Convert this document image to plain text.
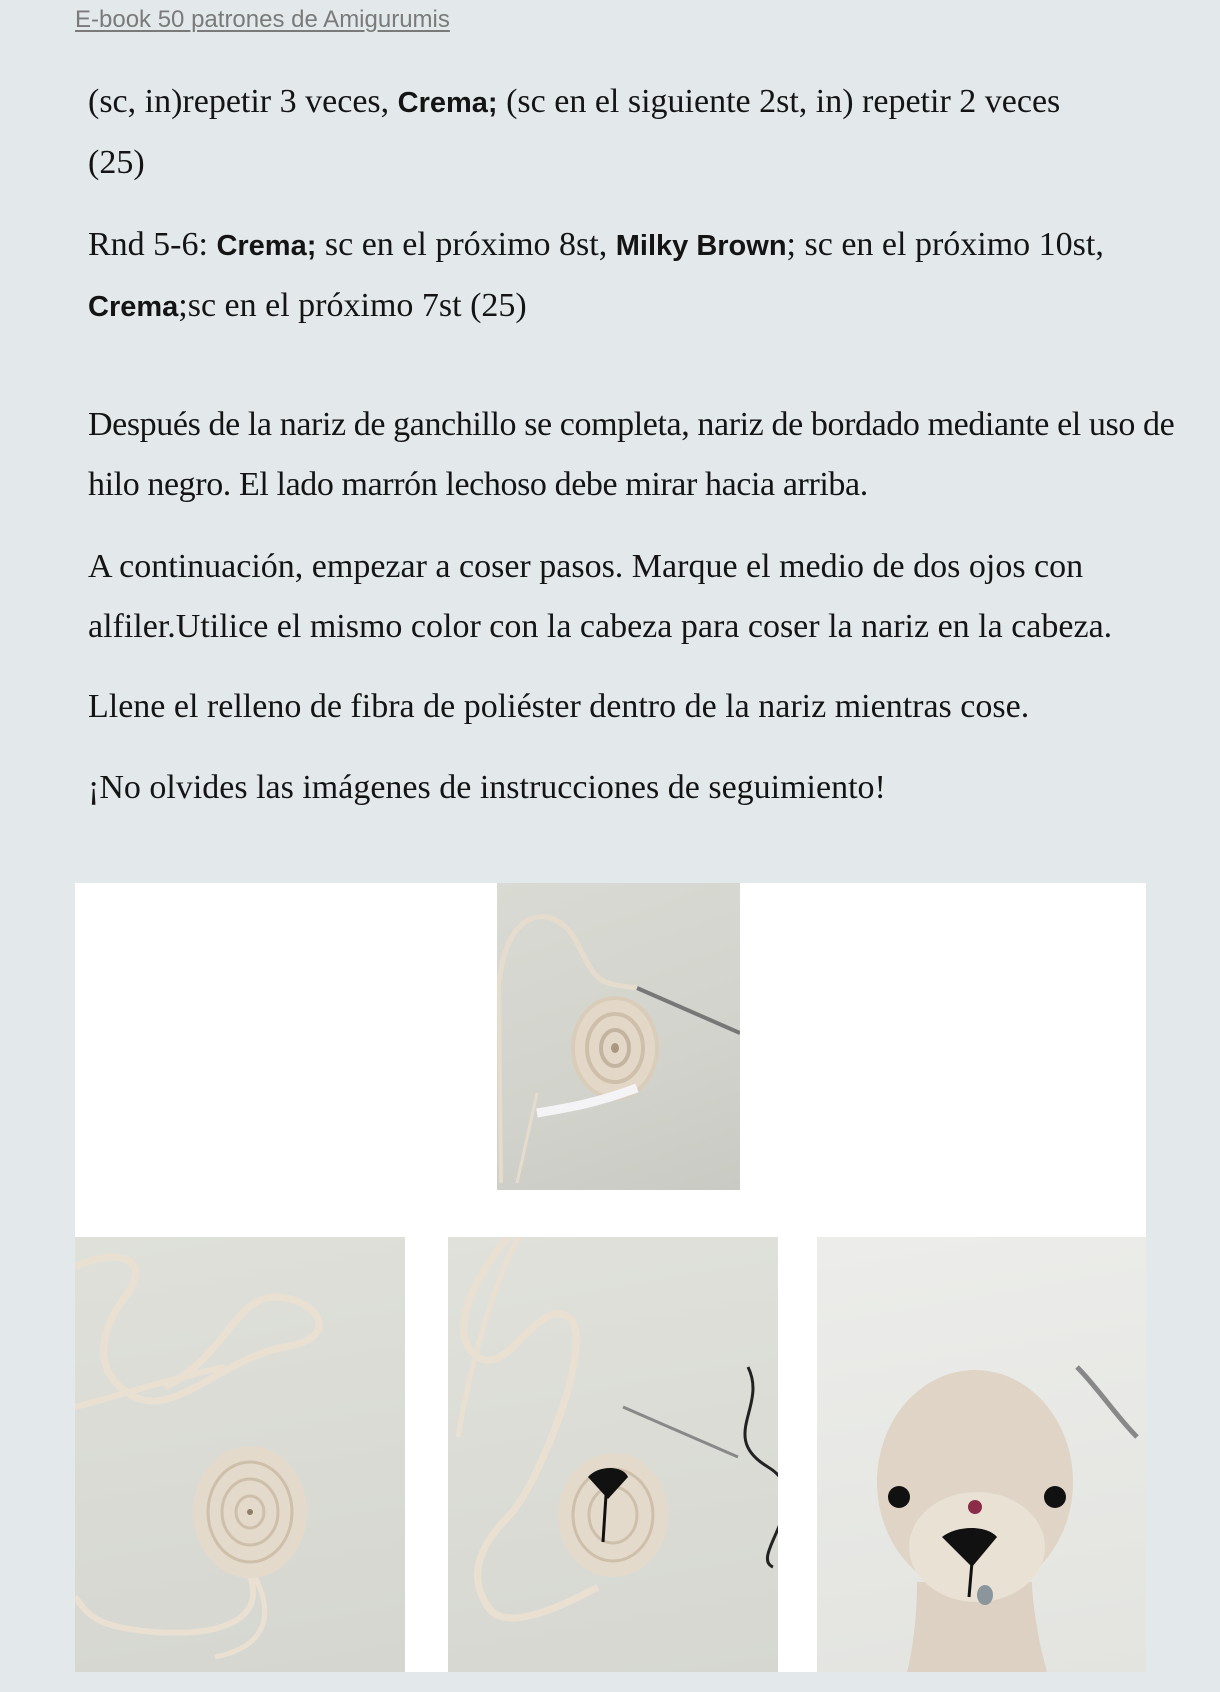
E-book 50 patrones de Amigurumis

(sc, in)repetir 3 veces, Crema; (sc en el siguiente 2st, in) repetir 2 veces
(25)

Rnd 5-6: Crema; sc en el próximo 8st, Milky Brown; sc en el próximo 10st,
Crema;sc en el próximo 7st (25)

Después de la nariz de ganchillo se completa, nariz de bordado mediante el uso de hilo negro. El lado marrón lechoso debe mirar hacia arriba.

A continuación, empezar a coser pasos. Marque el medio de dos ojos con alfiler.Utilice el mismo color con la cabeza para coser la nariz en la cabeza.

Llene el relleno de fibra de poliéster dentro de la nariz mientras cose.

¡No olvides las imágenes de instrucciones de seguimiento!
